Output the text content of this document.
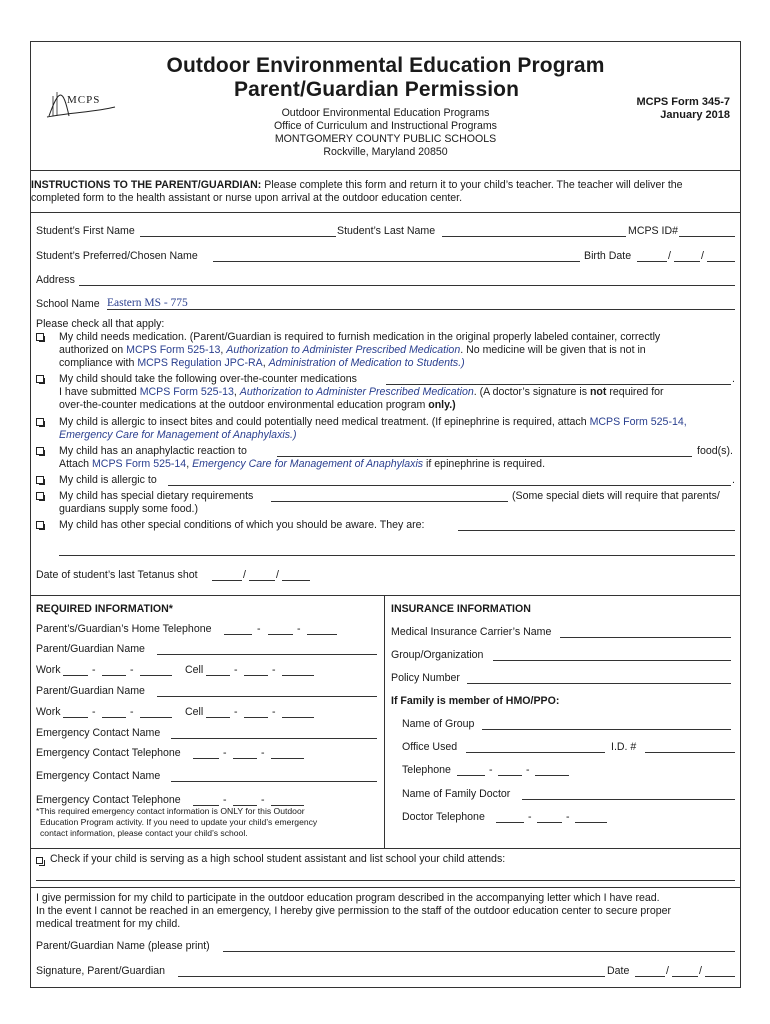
MCPS
Outdoor Environmental Education Program
Parent/Guardian Permission
Outdoor Environmental Education Programs
Office of Curriculum and Instructional Programs
MONTGOMERY COUNTY PUBLIC SCHOOLS
Rockville, Maryland 20850
MCPS Form 345-7
January 2018
INSTRUCTIONS TO THE PARENT/GUARDIAN: Please complete this form and return it to your child’s teacher. The teacher will deliver the
completed form to the health assistant or nurse upon arrival at the outdoor education center.
Student’s First Name	Student’s Last Name	MCPS ID#
Student’s Preferred/Chosen Name	Birth Date	/	/
Address
School Name Eastern MS - 775
Please check all that apply:
My child needs medication. (Parent/Guardian is required to furnish medication in the original properly labeled container, correctly
authorized on MCPS Form 525-13, Authorization to Administer Prescribed Medication. No medicine will be given that is not in
compliance with MCPS Regulation JPC-RA, Administration of Medication to Students.)
My child should take the following over-the-counter medications	.
I have submitted MCPS Form 525-13, Authorization to Administer Prescribed Medication. (A doctor’s signature is not required for
over-the-counter medications at the outdoor environmental education program only.)
My child is allergic to insect bites and could potentially need medical treatment. (If epinephrine is required, attach MCPS Form 525-14,
Emergency Care for Management of Anaphylaxis.)
My child has an anaphylactic reaction to	food(s).
Attach MCPS Form 525-14, Emergency Care for Management of Anaphylaxis if epinephrine is required.
My child is allergic to	.
My child has special dietary requirements	(Some special diets will require that parents/
guardians supply some food.)
My child has other special conditions of which you should be aware. They are:
Date of student’s last Tetanus shot	/	/
REQUIRED INFORMATION*
Parent’s/Guardian’s Home Telephone	-	-
Parent/Guardian Name
Work	-	-	Cell	-	-
Parent/Guardian Name
Work	-	-	Cell	-	-
Emergency Contact Name
Emergency Contact Telephone	-	-
Emergency Contact Name
Emergency Contact Telephone	-	-
*This required emergency contact information is ONLY for this Outdoor
Education Program activity. If you need to update your child’s emergency
contact information, please contact your child’s school.
INSURANCE INFORMATION
Medical Insurance Carrier’s Name
Group/Organization
Policy Number
If Family is member of HMO/PPO:
Name of Group
Office Used	I.D. #
Telephone	-	-
Name of Family Doctor
Doctor Telephone	-	-
Check if your child is serving as a high school student assistant and list school your child attends:
I give permission for my child to participate in the outdoor education program described in the accompanying letter which I have read.
In the event I cannot be reached in an emergency, I hereby give permission to the staff of the outdoor education center to secure proper
medical treatment for my child.
Parent/Guardian Name (please print)
Signature, Parent/Guardian	Date	/	/
